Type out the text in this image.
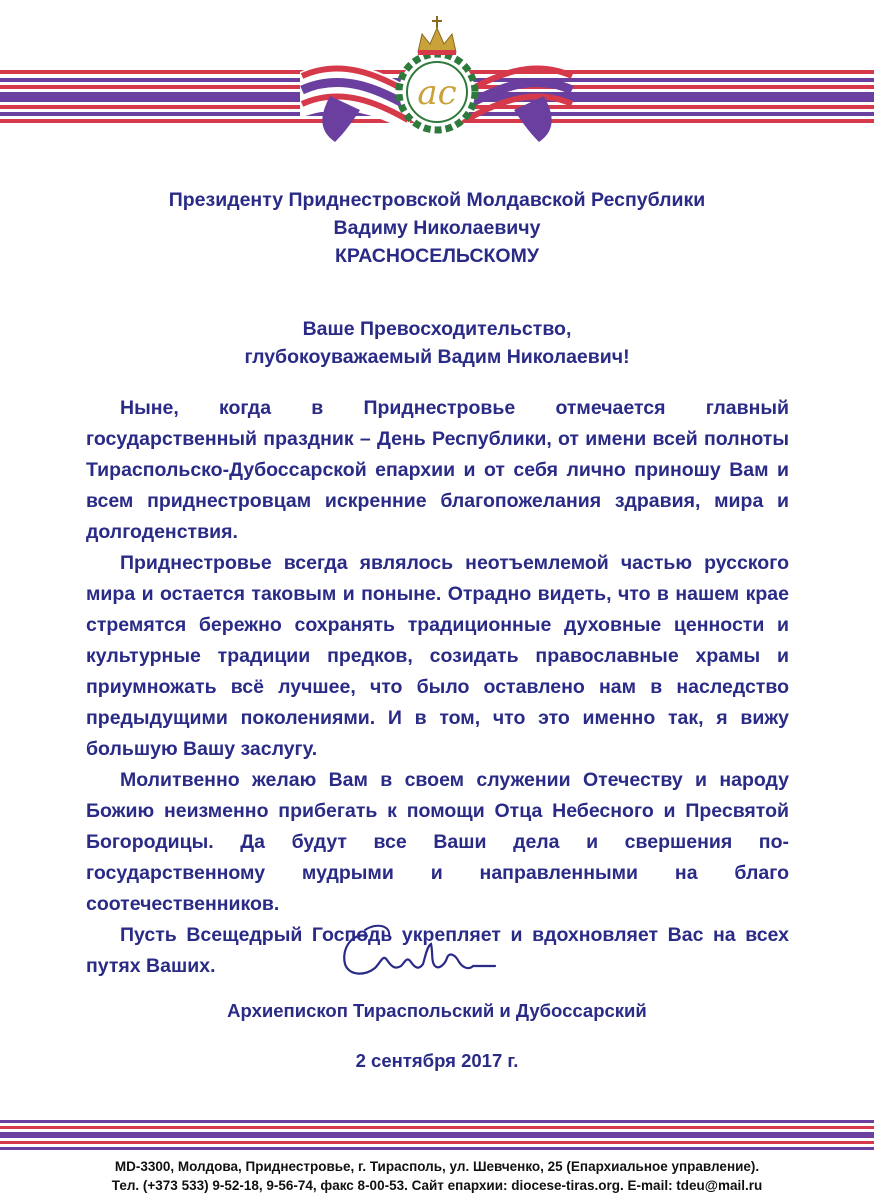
ас
Президенту Приднестровской Молдавской Республики
Вадиму Николаевичу
КРАСНОСЕЛЬСКОМУ
Ваше Превосходительство,
глубокоуважаемый Вадим Николаевич!

Ныне, когда в Приднестровье отмечается главный государственный праздник – День Республики, от имени всей полноты Тираспольско-Дубоссарской епархии и от себя лично приношу Вам и всем приднестровцам искренние благопожелания здравия, мира и долгоденствия.

Приднестровье всегда являлось неотъемлемой частью русского мира и остается таковым и поныне. Отрадно видеть, что в нашем крае стремятся бережно сохранять традиционные духовные ценности и культурные традиции предков, созидать православные храмы и приумножать всё лучшее, что было оставлено нам в наследство предыдущими поколениями. И в том, что это именно так, я вижу большую Вашу заслугу.

Молитвенно желаю Вам в своем служении Отечеству и народу Божию неизменно прибегать к помощи Отца Небесного и Пресвятой Богородицы. Да будут все Ваши дела и свершения по-государственному мудрыми и направленными на благо соотечественников.

Пусть Всещедрый Господь укрепляет и вдохновляет Вас на всех путях Ваших.

Архиепископ Тираспольский и Дубоссарский
2 сентября 2017 г.
MD-3300, Молдова, Приднестровье, г. Тирасполь, ул. Шевченко, 25 (Епархиальное управление).
Тел. (+373 533) 9-52-18, 9-56-74, факс 8-00-53. Сайт епархии: diocese-tiras.org. E-mail: tdeu@mail.ru
